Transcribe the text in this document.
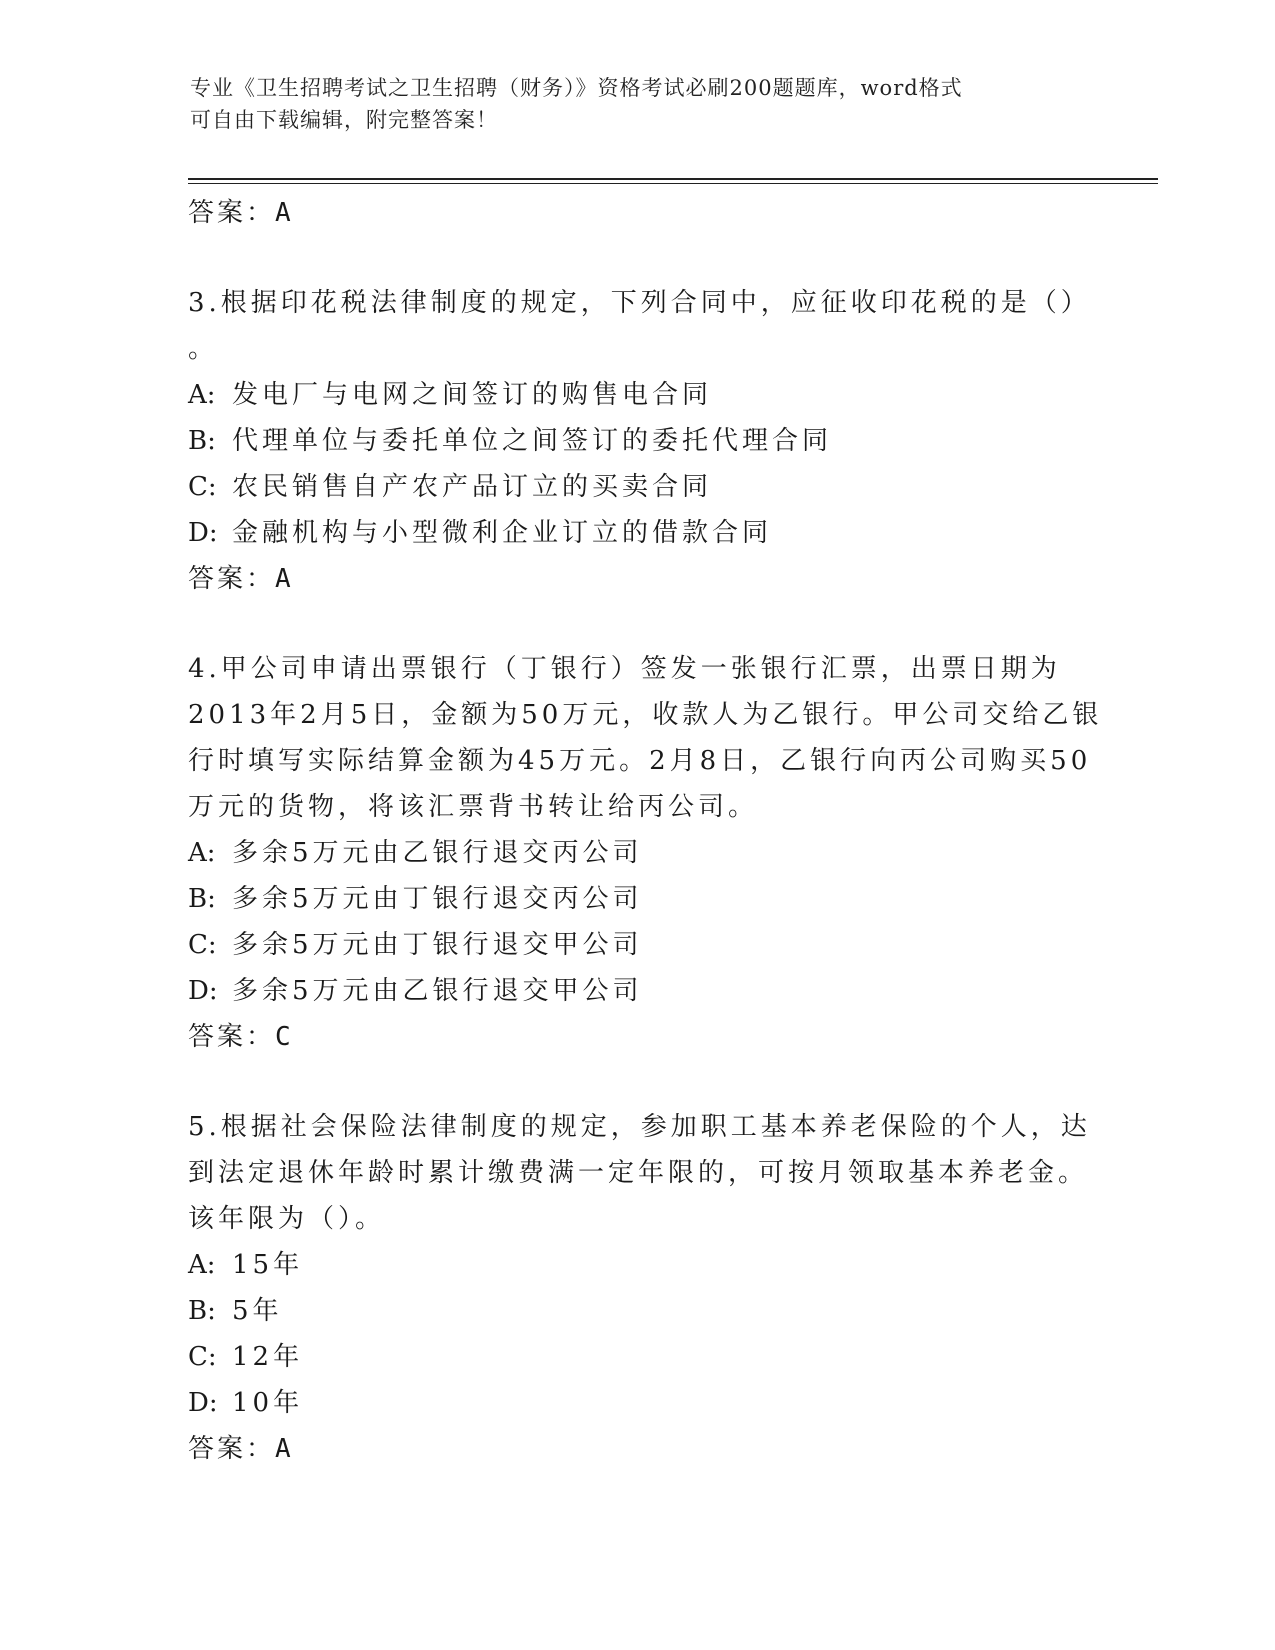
专业《卫生招聘考试之卫生招聘（财务）》资格考试必刷200题题库，word格式
可自由下载编辑，附完整答案！
答案：A
3.根据印花税法律制度的规定，下列合同中，应征收印花税的是（）
。
A: 发电厂与电网之间签订的购售电合同
B: 代理单位与委托单位之间签订的委托代理合同
C: 农民销售自产农产品订立的买卖合同
D: 金融机构与小型微利企业订立的借款合同
答案：A
4.甲公司申请出票银行（丁银行）签发一张银行汇票，出票日期为
2013年2月5日，金额为50万元，收款人为乙银行。甲公司交给乙银
行时填写实际结算金额为45万元。2月8日，乙银行向丙公司购买50
万元的货物，将该汇票背书转让给丙公司。
A: 多余5万元由乙银行退交丙公司
B: 多余5万元由丁银行退交丙公司
C: 多余5万元由丁银行退交甲公司
D: 多余5万元由乙银行退交甲公司
答案：C
5.根据社会保险法律制度的规定，参加职工基本养老保险的个人，达
到法定退休年龄时累计缴费满一定年限的，可按月领取基本养老金。
该年限为（）。
A: 15年
B: 5年
C: 12年
D: 10年
答案：A
